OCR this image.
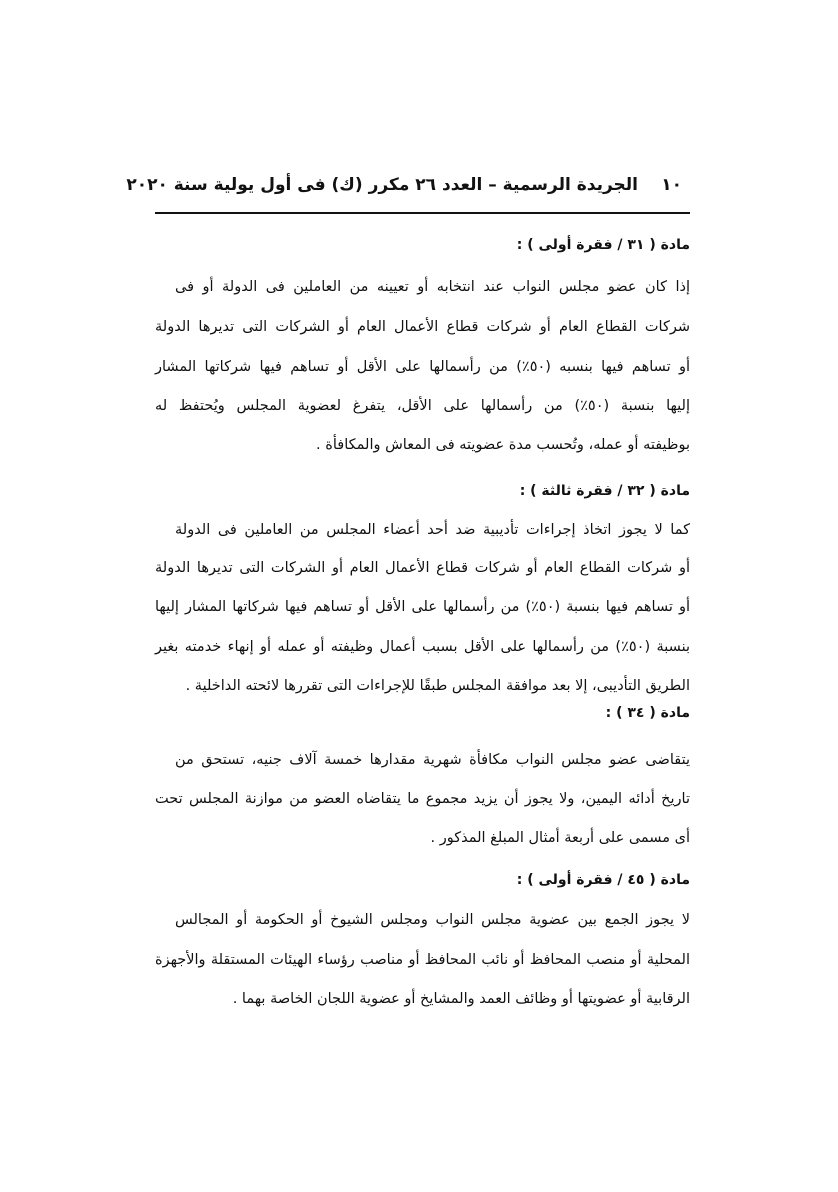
١٠
الجريدة الرسمية – العدد ٢٦ مكرر (ك) فى أول يولية سنة ٢٠٢٠
مادة ( ٣١ / فقرة أولى ) :
إذا كان عضو مجلس النواب عند انتخابه أو تعيينه من العاملين فى الدولة أو فى
شركات القطاع العام أو شركات قطاع الأعمال العام أو الشركات التى تديرها الدولة
أو تساهم فيها بنسبه (٥٠٪) من رأسمالها على الأقل أو تساهم فيها شركاتها المشار
إليها بنسبة (٥٠٪) من رأسمالها على الأقل، يتفرغ لعضوية المجلس ويُحتفظ له
بوظيفته أو عمله، وتُحسب مدة عضويته فى المعاش والمكافأة .
مادة ( ٣٢ / فقرة ثالثة ) :
كما لا يجوز اتخاذ إجراءات تأديبية ضد أحد أعضاء المجلس من العاملين فى الدولة
أو شركات القطاع العام أو شركات قطاع الأعمال العام أو الشركات التى تديرها الدولة
أو تساهم فيها بنسبة (٥٠٪) من رأسمالها على الأقل أو تساهم فيها شركاتها المشار إليها
بنسبة (٥٠٪) من رأسمالها على الأقل بسبب أعمال وظيفته أو عمله أو إنهاء خدمته بغير
الطريق التأديبى، إلا بعد موافقة المجلس طبقًا للإجراءات التى تقررها لائحته الداخلية .
مادة ( ٣٤ ) :
يتقاضى عضو مجلس النواب مكافأة شهرية مقدارها خمسة آلاف جنيه، تستحق من
تاريخ أدائه اليمين، ولا يجوز أن يزيد مجموع ما يتقاضاه العضو من موازنة المجلس تحت
أى مسمى على أربعة أمثال المبلغ المذكور .
مادة ( ٤٥ / فقرة أولى ) :
لا يجوز الجمع بين عضوية مجلس النواب ومجلس الشيوخ أو الحكومة أو المجالس
المحلية أو منصب المحافظ أو نائب المحافظ أو مناصب رؤساء الهيئات المستقلة والأجهزة
الرقابية أو عضويتها أو وظائف العمد والمشايخ أو عضوية اللجان الخاصة بهما .
